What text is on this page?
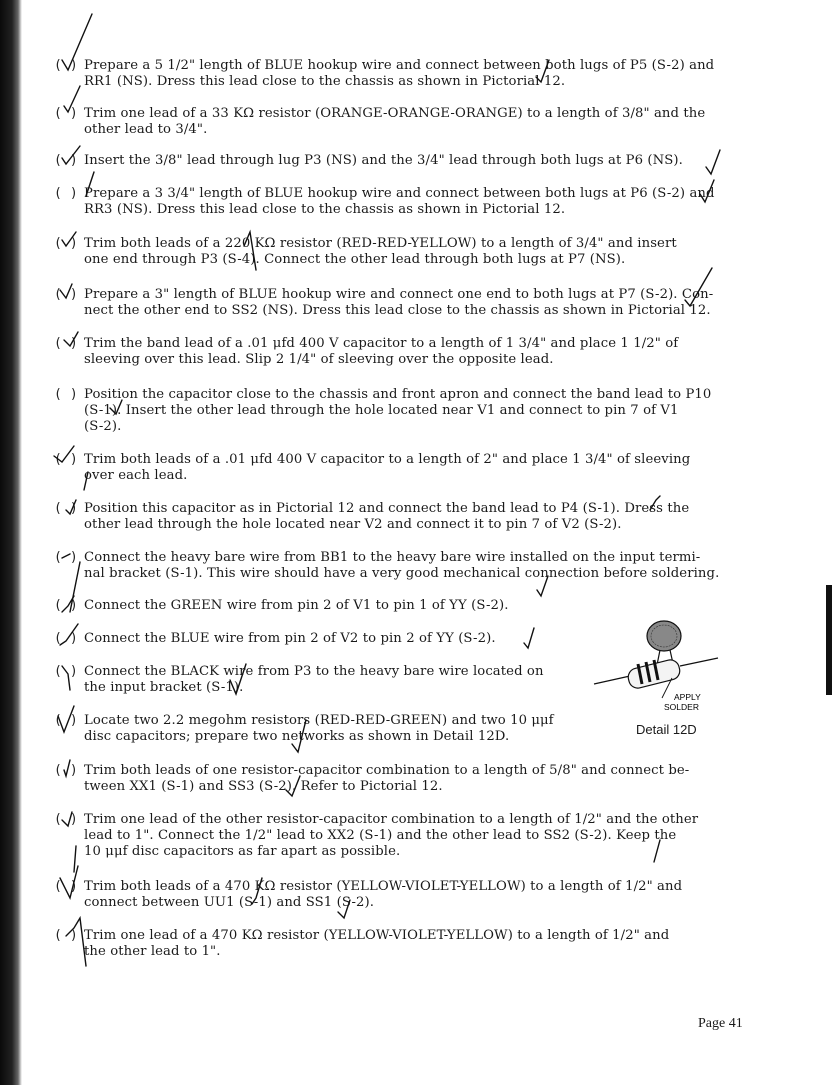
( ) Prepare a 5 1/2" length of BLUE hookup wire and connect between both lugs of P5 (S-2) and
RR1 (NS). Dress this lead close to the chassis as shown in Pictorial 12.
( ) Trim one lead of a 33 KΩ resistor (ORANGE-ORANGE-ORANGE) to a length of 3/8" and the
other lead to 3/4".
( ) Insert the 3/8" lead through lug P3 (NS) and the 3/4" lead through both lugs at P6 (NS).
( ) Prepare a 3 3/4" length of BLUE hookup wire and connect between both lugs at P6 (S-2) and
RR3 (NS). Dress this lead close to the chassis as shown in Pictorial 12.
( ) Trim both leads of a 220 KΩ resistor (RED-RED-YELLOW) to a length of 3/4" and insert
one end through P3 (S-4). Connect the other lead through both lugs at P7 (NS).
( ) Prepare a 3" length of BLUE hookup wire and connect one end to both lugs at P7 (S-2). Con-
nect the other end to SS2 (NS). Dress this lead close to the chassis as shown in Pictorial 12.
( ) Trim the band lead of a .01 μfd 400 V capacitor to a length of 1 3/4" and place 1 1/2" of
sleeving over this lead. Slip 2 1/4" of sleeving over the opposite lead.
( ) Position the capacitor close to the chassis and front apron and connect the band lead to P10
(S-1). Insert the other lead through the hole located near V1 and connect to pin 7 of V1
(S-2).
( ) Trim both leads of a .01 μfd 400 V capacitor to a length of 2" and place 1 3/4" of sleeving
over each lead.
( ) Position this capacitor as in Pictorial 12 and connect the band lead to P4 (S-1). Dress the
other lead through the hole located near V2 and connect it to pin 7 of V2 (S-2).
( ) Connect the heavy bare wire from BB1 to the heavy bare wire installed on the input termi-
nal bracket (S-1). This wire should have a very good mechanical connection before soldering.
( ) Connect the GREEN wire from pin 2 of V1 to pin 1 of YY (S-2).
( ) Connect the BLUE wire from pin 2 of V2 to pin 2 of YY (S-2).
( ) Connect the BLACK wire from P3 to the heavy bare wire located on
the input bracket (S-1).
( ) Locate two 2.2 megohm resistors (RED-RED-GREEN) and two 10 μμf
disc capacitors; prepare two networks as shown in Detail 12D.
( ) Trim both leads of one resistor-capacitor combination to a length of 5/8" and connect be-
tween XX1 (S-1) and SS3 (S-2). Refer to Pictorial 12.
( ) Trim one lead of the other resistor-capacitor combination to a length of 1/2" and the other
lead to 1". Connect the 1/2" lead to XX2 (S-1) and the other lead to SS2 (S-2). Keep the
10 μμf disc capacitors as far apart as possible.
( ) Trim both leads of a 470 KΩ resistor (YELLOW-VIOLET-YELLOW) to a length of 1/2" and
connect between UU1 (S-1) and SS1 (S-2).
( ) Trim one lead of a 470 KΩ resistor (YELLOW-VIOLET-YELLOW) to a length of 1/2" and
the other lead to 1".
APPLY SOLDER
Detail 12D
Page 41
